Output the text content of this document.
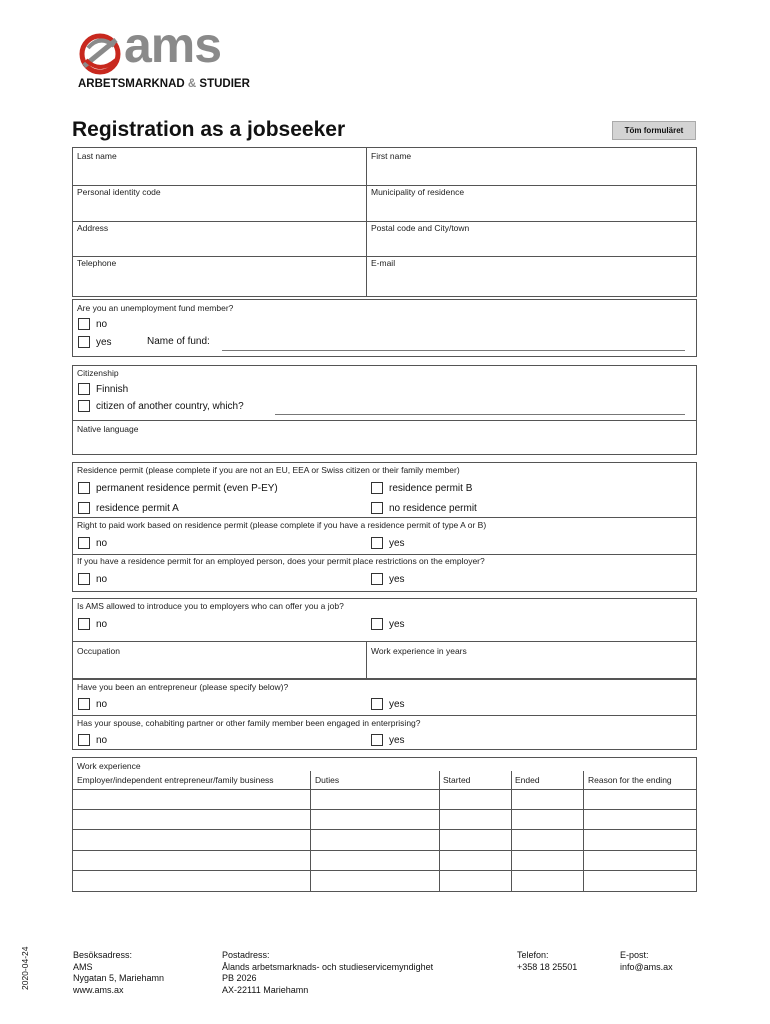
ams
ARBETSMARKNAD & STUDIER
Registration as a jobseeker	Töm formuläret
Last name	First name
Personal identity code	Municipality of residence
Address	Postal code and City/town
Telephone	E-mail
Are you an unemployment fund member?
no
yes	Name of fund:
Citizenship
Finnish
citizen of another country, which?
Native language
Residence permit (please complete if you are not an EU, EEA or Swiss citizen or their family member)
permanent residence permit (even P-EY)	residence permit B
residence permit A	no residence permit
Right to paid work based on residence permit (please complete if you have a residence permit of type A or B)
no	yes
If you have a residence permit for an employed person, does your permit place restrictions on the employer?
no	yes
Is AMS allowed to introduce you to employers who can offer you a job?
no	yes
Occupation	Work experience in years
Have you been an entrepreneur (please specify below)?
no	yes
Has your spouse, cohabiting partner or other family member been engaged in enterprising?
no	yes
Work experience
Employer/independent entrepreneur/family business	Duties	Started	Ended	Reason for the ending
2020-04-24	Besöksadress:
AMS
Nygatan 5, Mariehamn
www.ams.ax
Postadress:
Ålands arbetsmarknads- och studieservicemyndighet
PB 2026
AX-22111 Mariehamn
Telefon:
+358 18 25501
E-post:
info@ams.ax
